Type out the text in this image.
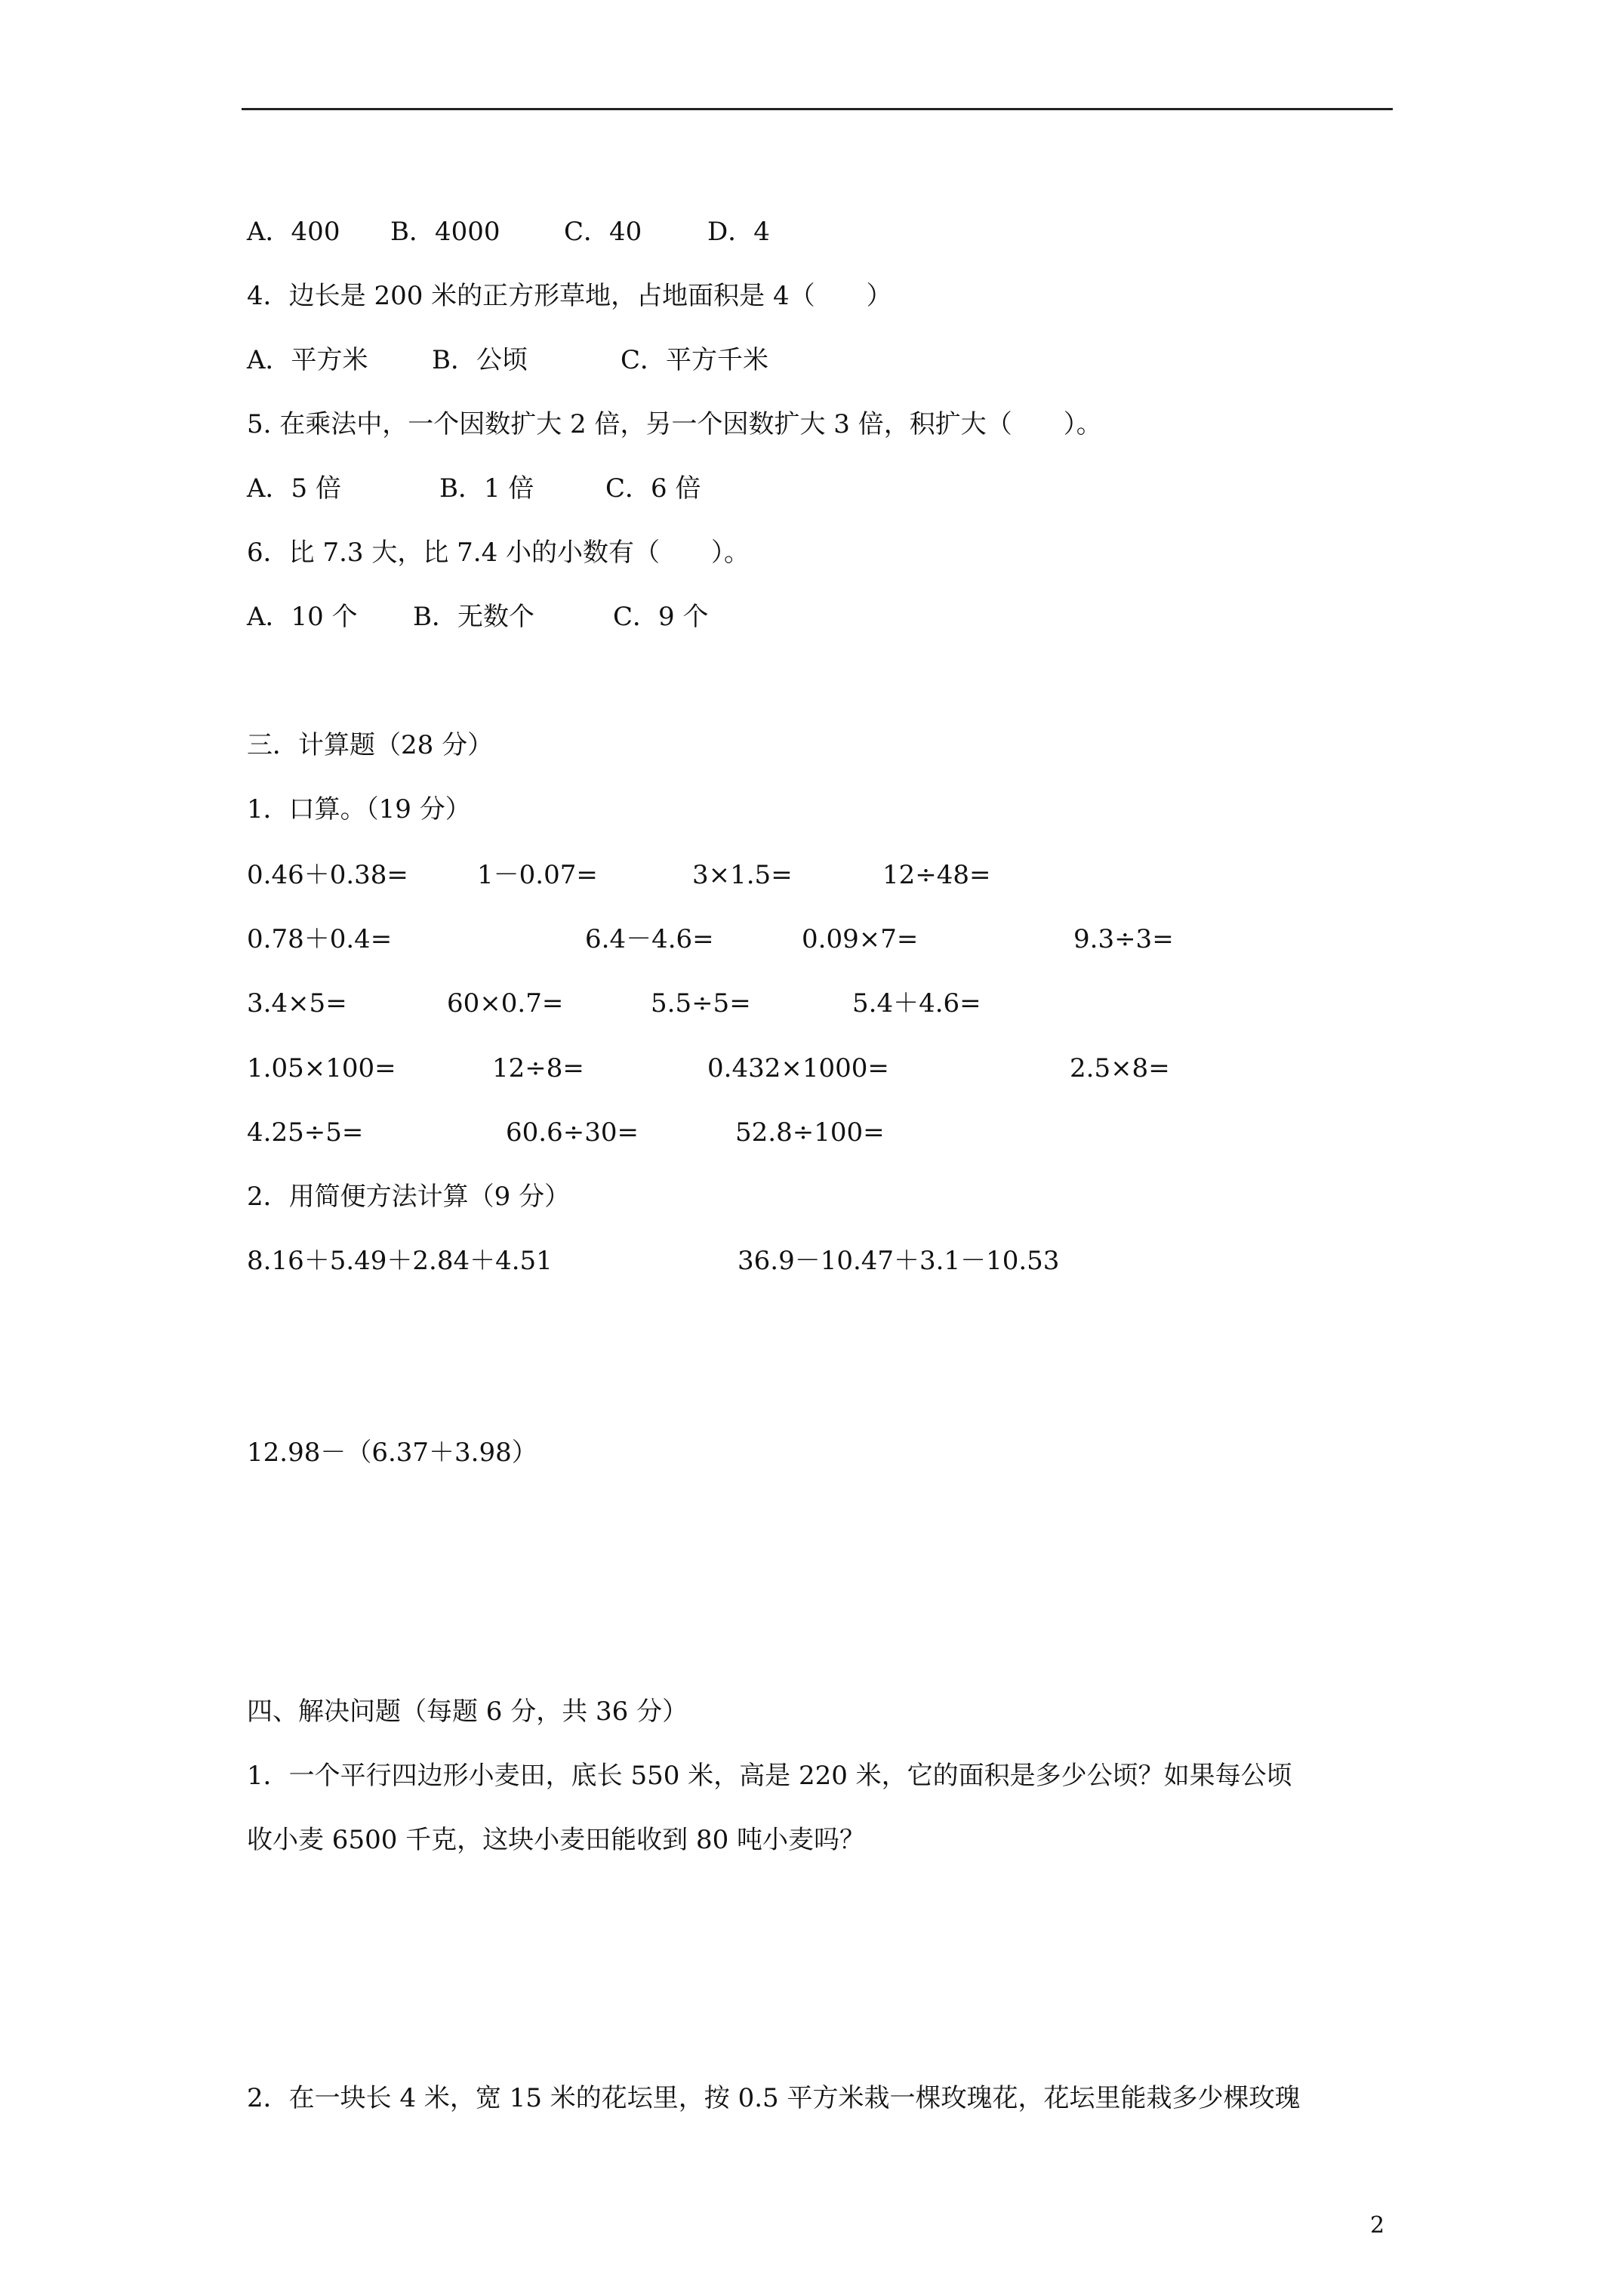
A．400 B．4000 C．40	D．4

4．边长是 200 米的正方形草地，占地面积是 4（　　）

A．平方米 B．公顷	C．平方千米

5. 在乘法中，一个因数扩大 2 倍，另一个因数扩大 3 倍，积扩大（　　）。

A．5 倍	B．1 倍	C．6 倍

6．比 7.3 大，比 7.4 小的小数有（　　）。

A．10 个 B．无数个	C．9 个

三．计算题（28 分）

1．口算。（19 分）

0.46＋0.38=	1－0.07=	3×1.5=	12÷48=
0.78＋0.4=	6.4－4.6=	0.09×7=	9.3÷3=
3.4×5=	60×0.7=	5.5÷5=	5.4＋4.6=
1.05×100=	12÷8=	0.432×1000=	2.5×8=
4.25÷5=	60.6÷30=	52.8÷100=

2．用简便方法计算（9 分）

8.16＋5.49＋2.84＋4.51	36.9－10.47＋3.1－10.53

12.98－（6.37＋3.98）

四、解决问题（每题 6 分，共 36 分）

1．一个平行四边形小麦田，底长 550 米，高是 220 米，它的面积是多少公顷？如果每公顷

收小麦 6500 千克，这块小麦田能收到 80 吨小麦吗？

2．在一块长 4 米，宽 15 米的花坛里，按 0.5 平方米栽一棵玫瑰花，花坛里能栽多少棵玫瑰

2
